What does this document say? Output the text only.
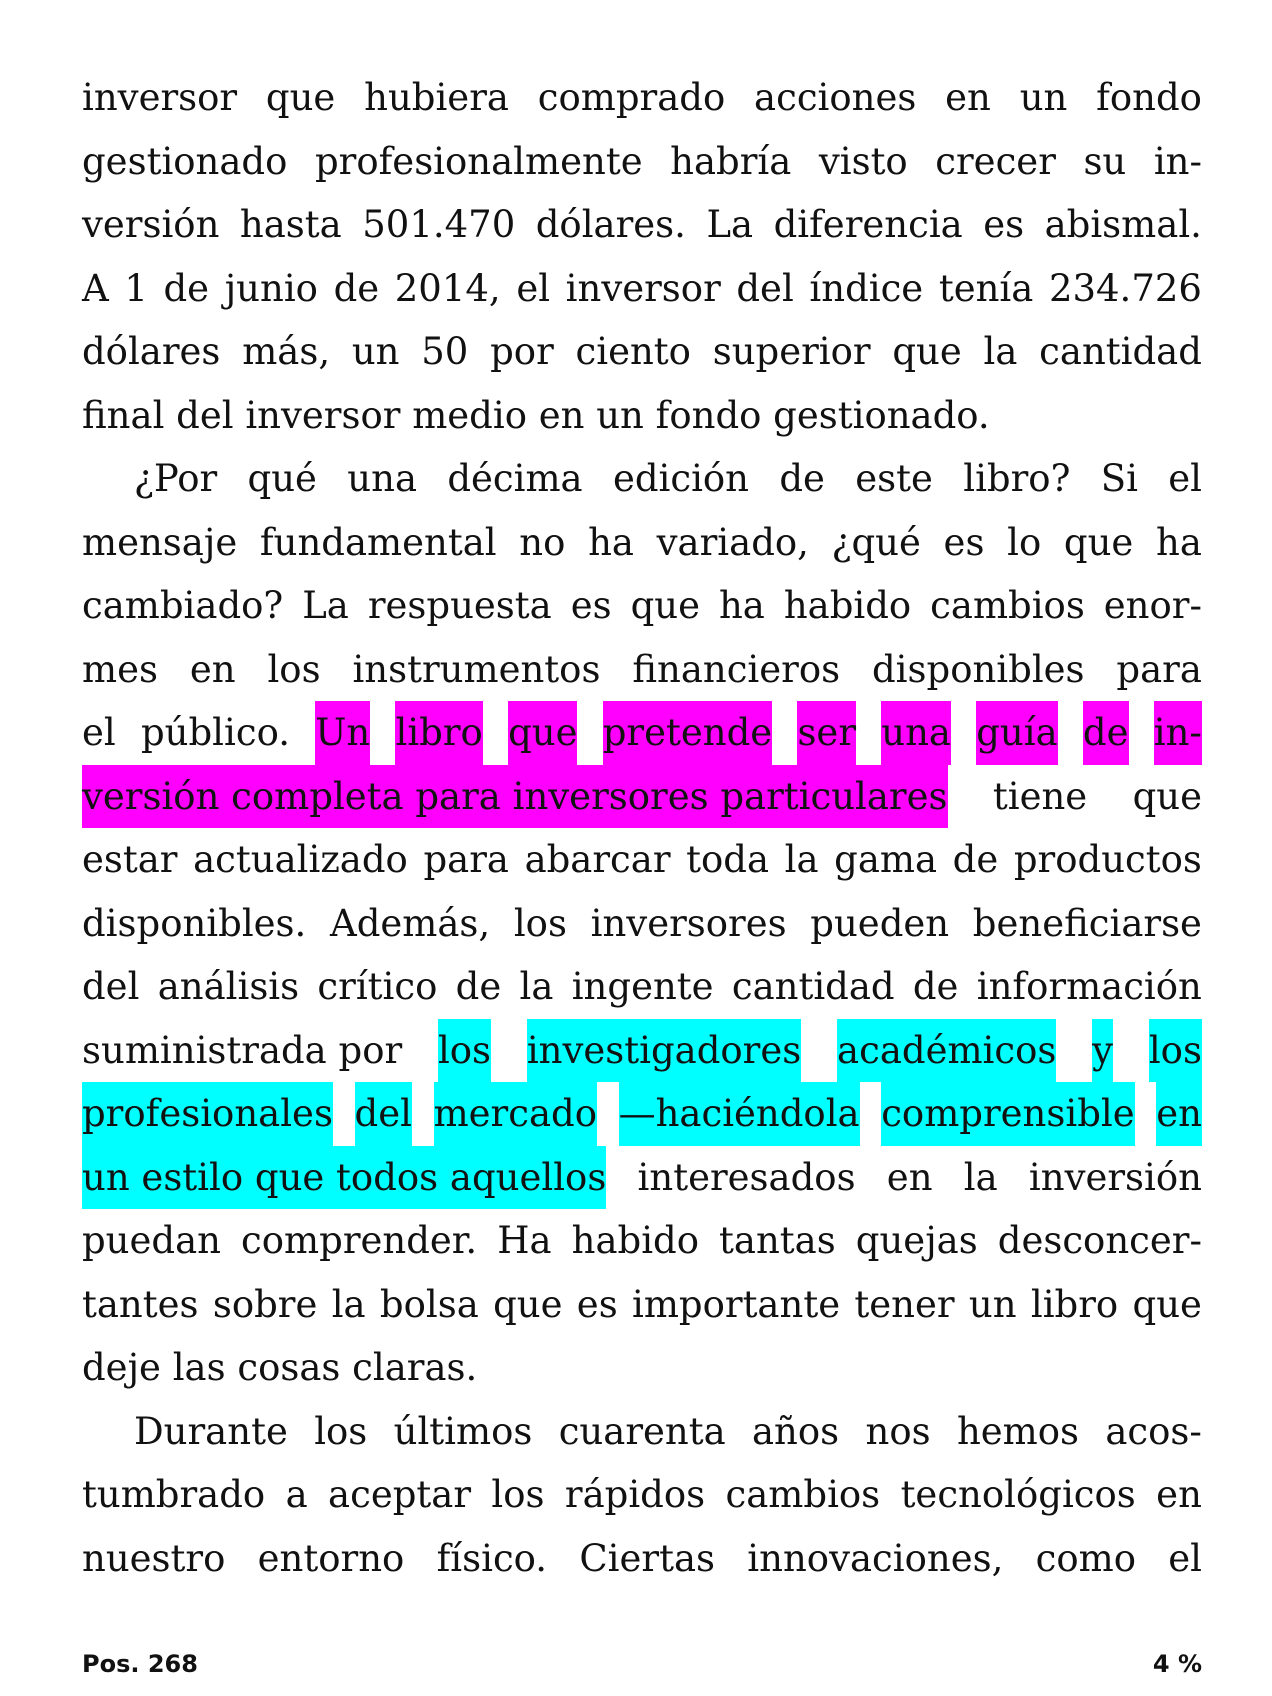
inversor que hubiera comprado acciones en un fondo
gestionado profesionalmente habría visto crecer su in-
versión hasta 501.470 dólares. La diferencia es abismal.
A 1 de junio de 2014, el inversor del índice tenía 234.726
dólares más, un 50 por ciento superior que la cantidad
final del inversor medio en un fondo gestionado.
¿Por qué una décima edición de este libro? Si el
mensaje fundamental no ha variado, ¿qué es lo que ha
cambiado? La respuesta es que ha habido cambios enor-
mes en los instrumentos financieros disponibles para
el público. Un libro que pretende ser una guía de in-
versión completa para inversores particulares tiene que
estar actualizado para abarcar toda la gama de productos
disponibles. Además, los inversores pueden beneficiarse
del análisis crítico de la ingente cantidad de información
suministrada por los investigadores académicos y los
profesionales del mercado —haciéndola comprensible en
un estilo que todos aquellos interesados en la inversión
puedan comprender. Ha habido tantas quejas desconcer-
tantes sobre la bolsa que es importante tener un libro que
deje las cosas claras.
Durante los últimos cuarenta años nos hemos acos-
tumbrado a aceptar los rápidos cambios tecnológicos en
nuestro entorno físico. Ciertas innovaciones, como el
Pos. 268	4 %
